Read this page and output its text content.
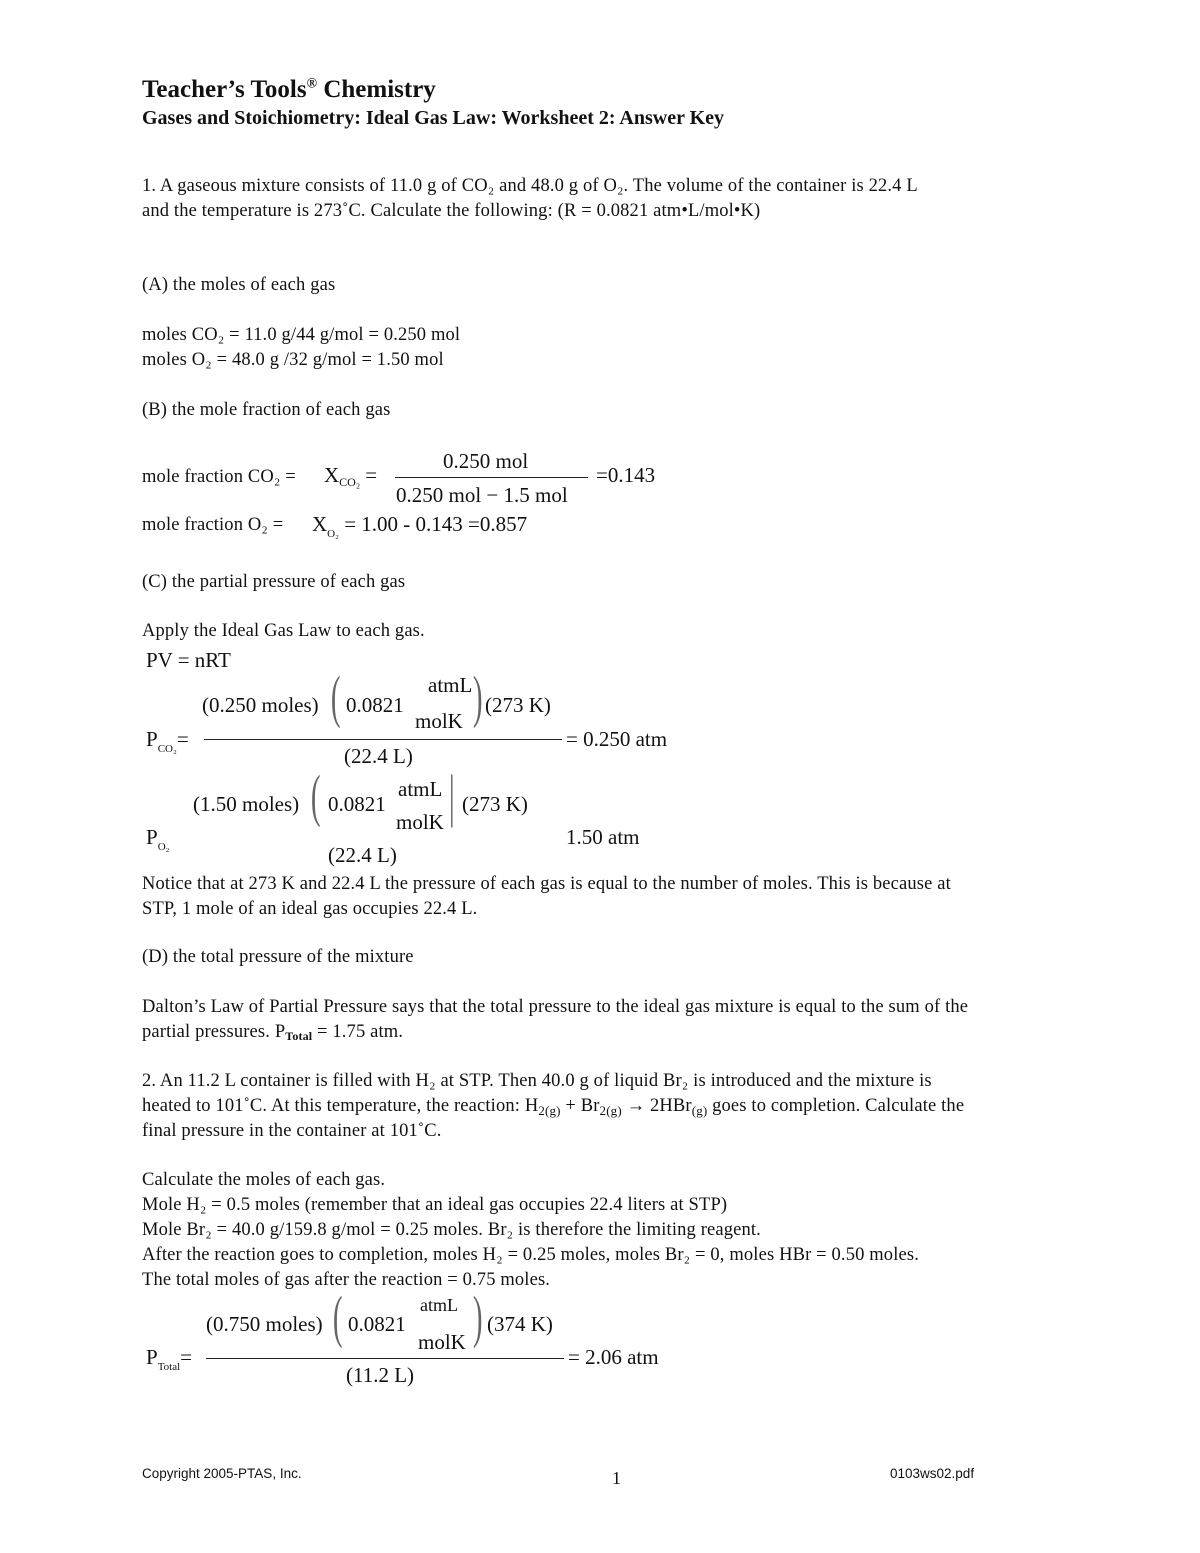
Teacher’s Tools® Chemistry
Gases and Stoichiometry: Ideal Gas Law: Worksheet 2: Answer Key
1. A gaseous mixture consists of 11.0 g of CO₂ and 48.0 g of O₂. The volume of the container is 22.4 L
and the temperature is 273˚C. Calculate the following: (R = 0.0821 atm•L/mol•K)
(A) the moles of each gas
moles CO₂ = 11.0 g/44 g/mol = 0.250 mol
moles O₂ = 48.0 g /32 g/mol = 1.50 mol
(B) the mole fraction of each gas
mole fraction $CO_2 = X_{CO_2}$ =
0.250 mol
0.250 mol − 1.5 mol
=0.143
mole fraction $O_2 = X_{O_2} = 1.00 - 0.143 =0.857$
(C) the partial pressure of each gas
Apply the Ideal Gas Law to each gas.
PV = nRT
(0.250 moles) ( 0.0821
atmL
molK ) (273 K)
$P_{CO_2}=$
(22.4 L)
= 0.250 atm
(1.50 moles) ( 0.0821
atmL
molK | (273 K)
$P_{O_2}$	(22.4 L)
1.50 atm
Notice that at 273 K and 22.4 L the pressure of each gas is equal to the number of moles. This is because at
STP, 1 mole of an ideal gas occupies 22.4 L.
(D) the total pressure of the mixture
Dalton’s Law of Partial Pressure says that the total pressure to the ideal gas mixture is equal to the sum of the
partial pressures. PTotal = 1.75 atm.
2. An 11.2 L container is filled with H₂ at STP. Then 40.0 g of liquid Br₂ is introduced and the mixture is
heated to 101˚C. At this temperature, the reaction: $H_{2(g)} + Br_{2(g)} \to 2HBr_{(g)}$ goes to completion. Calculate the
final pressure in the container at 101˚C.
Calculate the moles of each gas.
Mole H₂ = 0.5 moles (remember that an ideal gas occupies 22.4 liters at STP)
Mole Br₂ = 40.0 g/159.8 g/mol = 0.25 moles. Br₂ is therefore the limiting reagent.
After the reaction goes to completion, moles H₂ = 0.25 moles, moles Br₂ = 0, moles HBr = 0.50 moles.
The total moles of gas after the reaction = 0.75 moles.
(0.750 moles) ( 0.0821
atmL
molK ) (374 K)
$P_{Total}=$
(11.2 L)
= 2.06 atm
Copyright 2005-PTAS, Inc.	1	0103ws02.pdf
